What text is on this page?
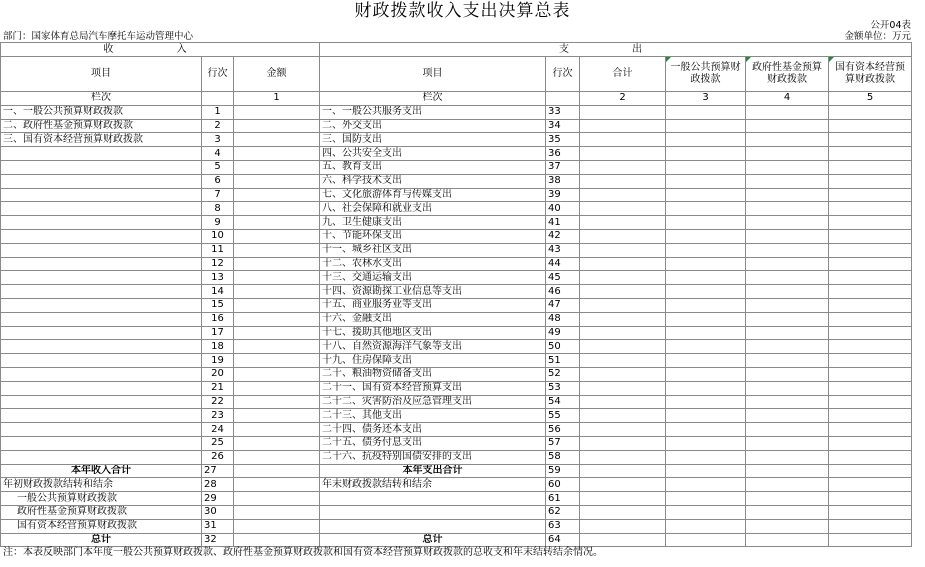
财政拨款收入支出决算总表
公开04表
部门：国家体育总局汽车摩托车运动管理中心	金额单位：万元
收 入			支 出					
项目	行次	金额	项目	行次	合计	一般公共预算财政拨款	政府性基金预算财政拨款	国有资本经营预算财政拨款
栏次		1	栏次		2	3	4	5
一、一般公共预算财政拨款	1		一、一般公共服务支出	33				
二、政府性基金预算财政拨款	2		二、外交支出	34				
三、国有资本经营预算财政拨款	3		三、国防支出	35				
	4		四、公共安全支出	36				
	5		五、教育支出	37				
	6		六、科学技术支出	38				
	7		七、文化旅游体育与传媒支出	39				
	8		八、社会保障和就业支出	40				
	9		九、卫生健康支出	41				
	10		十、节能环保支出	42				
	11		十一、城乡社区支出	43				
	12		十二、农林水支出	44				
	13		十三、交通运输支出	45				
	14		十四、资源勘探工业信息等支出	46				
	15		十五、商业服务业等支出	47				
	16		十六、金融支出	48				
	17		十七、援助其他地区支出	49				
	18		十八、自然资源海洋气象等支出	50				
	19		十九、住房保障支出	51				
	20		二十、粮油物资储备支出	52				
	21		二十一、国有资本经营预算支出	53				
	22		二十二、灾害防治及应急管理支出	54				
	23		二十三、其他支出	55				
	24		二十四、债务还本支出	56				
	25		二十五、债务付息支出	57				
	26		二十六、抗疫特别国债安排的支出	58				
本年收入合计	27		本年支出合计	59				
年初财政拨款结转和结余	28		年末财政拨款结转和结余	60				
一般公共预算财政拨款	29			61				
政府性基金预算财政拨款	30			62				
国有资本经营预算财政拨款	31			63				
总计	32		总计	64				
注：本表反映部门本年度一般公共预算财政拨款、政府性基金预算财政拨款和国有资本经营预算财政拨款的总收支和年末结转结余情况。
